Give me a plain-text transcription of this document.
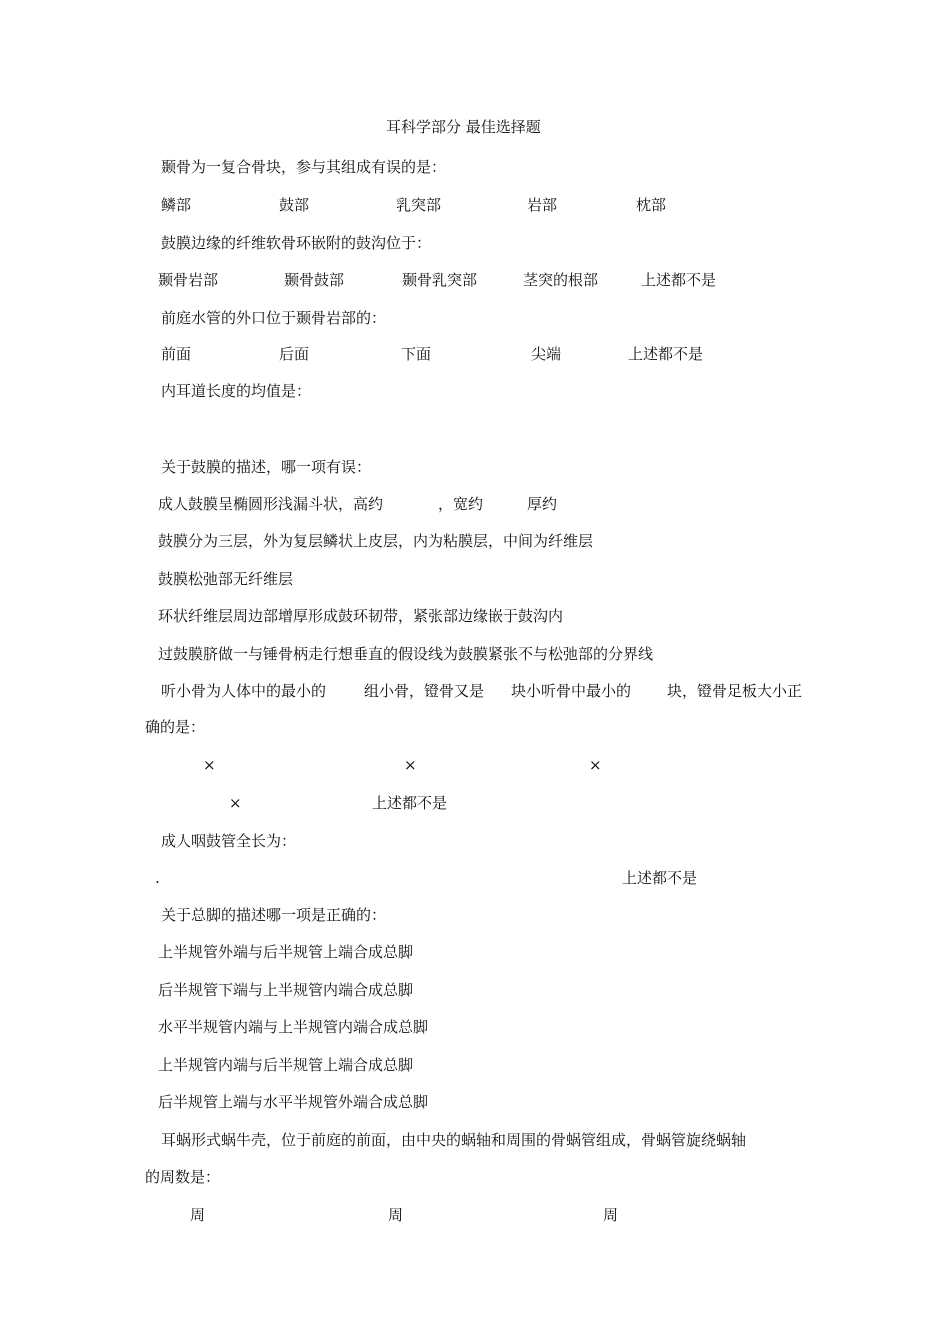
耳科学部分 最佳选择题
颞骨为一复合骨块，参与其组成有误的是：
鳞部	鼓部	乳突部	岩部	枕部
鼓膜边缘的纤维软骨环嵌附的鼓沟位于：
颞骨岩部	颞骨鼓部	颞骨乳突部	茎突的根部	上述都不是
前庭水管的外口位于颞骨岩部的：
前面	后面	下面	尖端	上述都不是
内耳道长度的均值是：
关于鼓膜的描述，哪一项有误：
成人鼓膜呈椭圆形浅漏斗状，高约	，宽约	厚约
鼓膜分为三层，外为复层鳞状上皮层，内为粘膜层，中间为纤维层
鼓膜松弛部无纤维层
环状纤维层周边部增厚形成鼓环韧带，紧张部边缘嵌于鼓沟内
过鼓膜脐做一与锤骨柄走行想垂直的假设线为鼓膜紧张不与松弛部的分界线
听小骨为人体中的最小的	组小骨，镫骨又是 块小听骨中最小的 块，镫骨足板大小正
确的是：
×	×	×
×	上述都不是
成人咽鼓管全长为：
.	上述都不是
关于总脚的描述哪一项是正确的：
上半规管外端与后半规管上端合成总脚
后半规管下端与上半规管内端合成总脚
水平半规管内端与上半规管内端合成总脚
上半规管内端与后半规管上端合成总脚
后半规管上端与水平半规管外端合成总脚
耳蜗形式蜗牛壳，位于前庭的前面，由中央的蜗轴和周围的骨蜗管组成，骨蜗管旋绕蜗轴
的周数是：
周	周	周
